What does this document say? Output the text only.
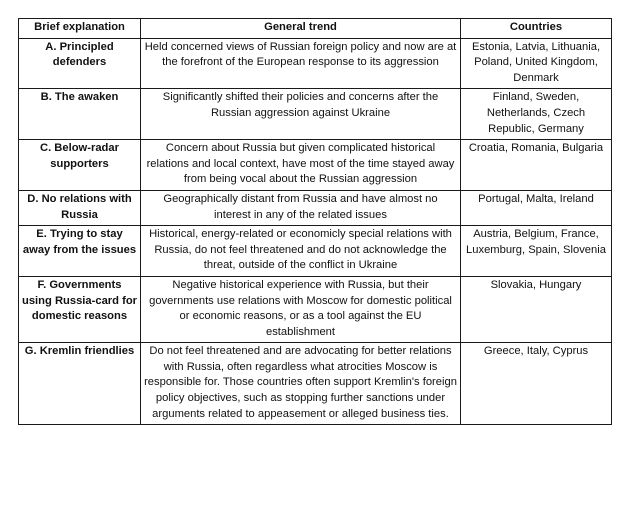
Brief explanation	General trend	Countries
A. Principled defenders	Held concerned views of Russian foreign policy and now are at the forefront of the European response to its aggression	Estonia, Latvia, Lithuania, Poland, United Kingdom, Denmark
B. The awaken	Significantly shifted their policies and concerns after the Russian aggression against Ukraine	Finland, Sweden, Netherlands, Czech Republic, Germany
C. Below-radar supporters	Concern about Russia but given complicated historical relations and local context, have most of the time stayed away from being vocal about the Russian aggression	Croatia, Romania, Bulgaria
D. No relations with Russia	Geographically distant from Russia and have almost no interest in any of the related issues	Portugal, Malta, Ireland
E. Trying to stay away from the issues	Historical, energy-related or economicly special relations with Russia, do not feel threatened and do not acknowledge the threat, outside of the conflict in Ukraine	Austria, Belgium, France, Luxemburg, Spain, Slovenia
F. Governments using Russia-card for domestic reasons	Negative historical experience with Russia, but their governments use relations with Moscow for domestic political or economic reasons, or as a tool against the EU establishment	Slovakia, Hungary
G. Kremlin friendlies	Do not feel threatened and are advocating for better relations with Russia, often regardless what atrocities Moscow is responsible for. Those countries often support Kremlin's foreign policy objectives, such as stopping further sanctions under arguments related to appeasement or alleged business ties.	Greece, Italy, Cyprus
